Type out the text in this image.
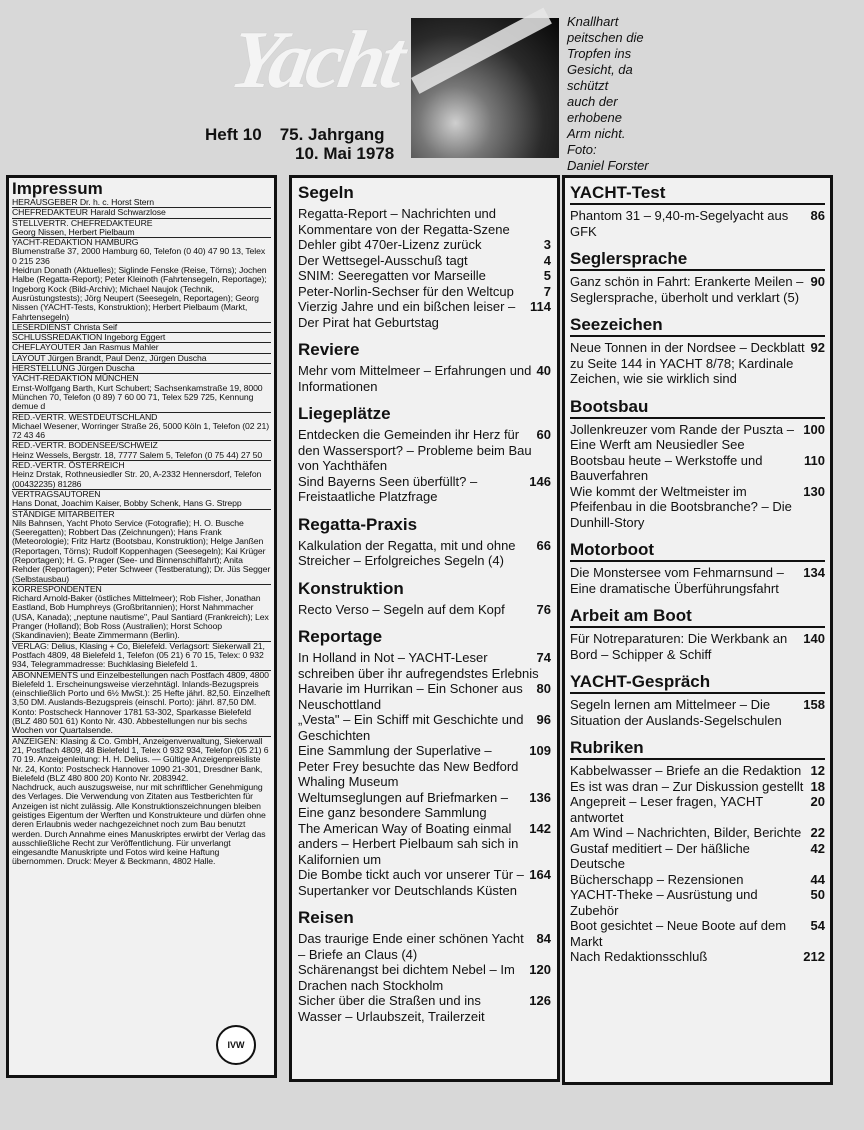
Yacht
Heft 10 75. Jahrgang
10. Mai 1978
Knallhart
peitschen die
Tropfen ins
Gesicht, da
schützt
auch der
erhobene
Arm nicht.
Foto:
Daniel Forster
Impressum
HERAUSGEBER Dr. h. c. Horst Stern
CHEFREDAKTEUR Harald Schwarzlose
STELLVERTR. CHEFREDAKTEURE
Georg Nissen, Herbert Pielbaum
YACHT-REDAKTION HAMBURG
Blumenstraße 37, 2000 Hamburg 60, Telefon (0 40) 47 90 13, Telex 0 215 236
Heidrun Donath (Aktuelles); Siglinde Fenske (Reise, Törns); Jochen Halbe (Regatta-Report); Peter Kleinoth (Fahrtensegeln, Reportage); Ingeborg Kock (Bild-Archiv); Michael Naujok (Technik, Ausrüstungstests); Jörg Neupert (Seesegeln, Reportagen); Georg Nissen (YACHT-Tests, Konstruktion); Herbert Pielbaum (Markt, Fahrtensegeln)
LESERDIENST Christa Seif
SCHLUSSREDAKTION Ingeborg Eggert
CHEFLAYOUTER Jan Rasmus Mahler
LAYOUT Jürgen Brandt, Paul Denz, Jürgen Duscha
HERSTELLUNG Jürgen Duscha
YACHT-REDAKTION MÜNCHEN
Ernst-Wolfgang Barth, Kurt Schubert; Sachsenkamstraße 19, 8000 München 70, Telefon (0 89) 7 60 00 71, Telex 529 725, Kennung demue d
RED.-VERTR. WESTDEUTSCHLAND
Michael Wesener, Worringer Straße 26, 5000 Köln 1, Telefon (02 21) 72 43 46
RED.-VERTR. BODENSEE/SCHWEIZ
Heinz Wessels, Bergstr. 18, 7777 Salem 5, Telefon (0 75 44) 27 50
RED.-VERTR. ÖSTERREICH
Heinz Drstak, Rothneusiedler Str. 20, A-2332 Hennersdorf, Telefon (00432235) 81286
VERTRAGSAUTOREN
Hans Donat, Joachim Kaiser, Bobby Schenk, Hans G. Strepp
STÄNDIGE MITARBEITER
Nils Bahnsen, Yacht Photo Service (Fotografie); H. O. Busche (Seeregatten); Robbert Das (Zeichnungen); Hans Frank (Meteorologie); Fritz Hartz (Bootsbau, Konstruktion); Helge Janßen (Reportagen, Törns); Rudolf Koppenhagen (Seesegeln); Kai Krüger (Reportagen); H. G. Prager (See- und Binnenschiffahrt); Anita Rehder (Reportagen); Peter Schweer (Testberatung); Dr. Jüs Segger (Selbstausbau)
KORRESPONDENTEN
Richard Arnold-Baker (östliches Mittelmeer); Rob Fisher, Jonathan Eastland, Bob Humphreys (Großbritannien); Horst Nahmmacher (USA, Kanada); „neptune nautisme", Paul Santiard (Frankreich); Lex Pranger (Holland); Bob Ross (Australien); Horst Schoop (Skandinavien); Beate Zimmermann (Berlin).
VERLAG: Delius, Klasing + Co, Bielefeld. Verlagsort: Siekerwall 21, Postfach 4809, 48 Bielefeld 1, Telefon (05 21) 6 70 15, Telex: 0 932 934, Telegrammadresse: Buchklasing Bielefeld 1.
ABONNEMENTS und Einzelbestellungen nach Postfach 4809, 4800 Bielefeld 1. Erscheinungsweise vierzehntägl. Inlands-Bezugspreis (einschließlich Porto und 6½ MwSt.): 25 Hefte jährl. 82,50. Einzelheft 3,50 DM. Auslands-Bezugspreis (einschl. Porto): jährl. 87,50 DM. Konto: Postscheck Hannover 1781 53-302, Sparkasse Bielefeld (BLZ 480 501 61) Konto Nr. 430. Abbestellungen nur bis sechs Wochen vor Quartalsende.
ANZEIGEN: Klasing & Co. GmbH, Anzeigenverwaltung, Siekerwall 21, Postfach 4809, 48 Bielefeld 1, Telex 0 932 934, Telefon (05 21) 6 70 19. Anzeigenleitung: H. H. Delius. — Gültige Anzeigenpreisliste Nr. 24, Konto: Postscheck Hannover 1090 21-301, Dresdner Bank, Bielefeld (BLZ 480 800 20) Konto Nr. 2083942.
Nachdruck, auch auszugsweise, nur mit schriftlicher Genehmigung des Verlages. Die Verwendung von Zitaten aus Testberichten für Anzeigen ist nicht zulässig. Alle Konstruktionszeichnungen bleiben geistiges Eigentum der Werften und Konstrukteure und dürfen ohne deren Erlaubnis weder nachgezeichnet noch zum Bau benutzt werden. Durch Annahme eines Manuskriptes erwirbt der Verlag das ausschließliche Recht zur Veröffentlichung. Für unverlangt eingesandte Manuskripte und Fotos wird keine Haftung übernommen. Druck: Meyer & Beckmann, 4802 Halle.
IVW
Segeln
Regatta-Report – Nachrichten und Kommentare von der Regatta-Szene
3
Dehler gibt 470er-Lizenz zurück
4
Der Wettsegel-Ausschuß tagt
5
SNIM: Seeregatten vor Marseille
7
Peter-Norlin-Sechser für den Weltcup
114
Vierzig Jahre und ein bißchen leiser – Der Pirat hat Geburtstag
Reviere
40
Mehr vom Mittelmeer – Erfahrungen und Informationen
Liegeplätze
60
Entdecken die Gemeinden ihr Herz für den Wassersport? – Probleme beim Bau von Yachthäfen
146
Sind Bayerns Seen überfüllt? – Freistaatliche Platzfrage
Regatta-Praxis
66
Kalkulation der Regatta, mit und ohne Streicher – Erfolgreiches Segeln (4)
Konstruktion
76
Recto Verso – Segeln auf dem Kopf
Reportage
74
In Holland in Not – YACHT-Leser schreiben über ihr aufregendstes Erlebnis
80
Havarie im Hurrikan – Ein Schoner aus Neuschottland
96
„Vesta" – Ein Schiff mit Geschichte und Geschichten
109
Eine Sammlung der Superlative – Peter Frey besuchte das New Bedford Whaling Museum
136
Weltumseglungen auf Briefmarken – Eine ganz besondere Sammlung
142
The American Way of Boating einmal anders – Herbert Pielbaum sah sich in Kalifornien um
164
Die Bombe tickt auch vor unserer Tür – Supertanker vor Deutschlands Küsten
Reisen
84
Das traurige Ende einer schönen Yacht – Briefe an Claus (4)
120
Schärenangst bei dichtem Nebel – Im Drachen nach Stockholm
126
Sicher über die Straßen und ins Wasser – Urlaubszeit, Trailerzeit
YACHT-Test
86
Phantom 31 – 9,40-m-Segelyacht aus GFK
Seglersprache
90
Ganz schön in Fahrt: Erankerte Meilen – Seglersprache, überholt und verklart (5)
Seezeichen
92
Neue Tonnen in der Nordsee – Deckblatt zu Seite 144 in YACHT 8/78; Kardinale Zeichen, wie sie wirklich sind
Bootsbau
100
Jollenkreuzer vom Rande der Puszta – Eine Werft am Neusiedler See
110
Bootsbau heute – Werkstoffe und Bauverfahren
130
Wie kommt der Weltmeister im Pfeifenbau in die Bootsbranche? – Die Dunhill-Story
Motorboot
134
Die Monstersee vom Fehmarnsund – Eine dramatische Überführungsfahrt
Arbeit am Boot
140
Für Notreparaturen: Die Werkbank an Bord – Schipper & Schiff
YACHT-Gespräch
158
Segeln lernen am Mittelmeer – Die Situation der Auslands-Segelschulen
Rubriken
12
Kabbelwasser – Briefe an die Redaktion
18
Es ist was dran – Zur Diskussion gestellt
20
Angepreit – Leser fragen, YACHT antwortet
22
Am Wind – Nachrichten, Bilder, Berichte
42
Gustaf meditiert – Der häßliche Deutsche
44
Bücherschapp – Rezensionen
50
YACHT-Theke – Ausrüstung und Zubehör
54
Boot gesichtet – Neue Boote auf dem Markt
212
Nach Redaktionsschluß
